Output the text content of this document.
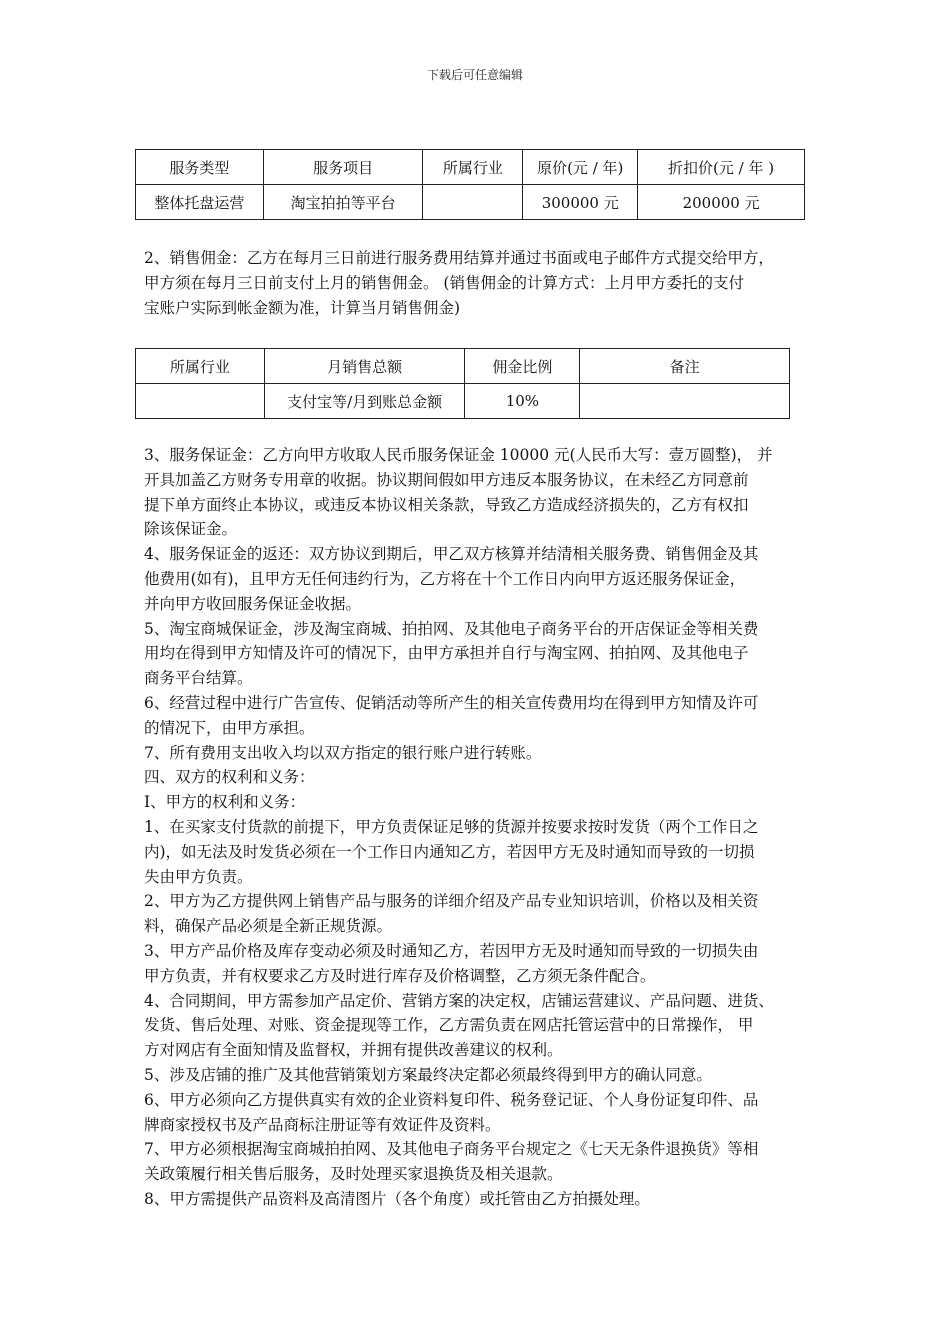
下载后可任意编辑
服务类型	服务项目	所属行业	原价(元 / 年)	折扣价(元 / 年 )
整体托盘运营	淘宝拍拍等平台		300000 元	200000 元
2、销售佣金：乙方在每月三日前进行服务费用结算并通过书面或电子邮件方式提交给甲方，
甲方须在每月三日前支付上月的销售佣金。 (销售佣金的计算方式：上月甲方委托的支付
宝账户实际到帐金额为准，计算当月销售佣金)
所属行业	月销售总额	佣金比例	备注
	支付宝等/月到账总金额	10%	

3、服务保证金：乙方向甲方收取人民币服务保证金 10000 元(人民币大写：壹万圆整)， 并

开具加盖乙方财务专用章的收据。协议期间假如甲方违反本服务协议，在未经乙方同意前

提下单方面终止本协议，或违反本协议相关条款，导致乙方造成经济损失的，乙方有权扣

除该保证金。

4、服务保证金的返还：双方协议到期后，甲乙双方核算并结清相关服务费、销售佣金及其

他费用(如有)，且甲方无任何违约行为，乙方将在十个工作日内向甲方返还服务保证金，

并向甲方收回服务保证金收据。

5、淘宝商城保证金，涉及淘宝商城、拍拍网、及其他电子商务平台的开店保证金等相关费

用均在得到甲方知情及许可的情况下，由甲方承担并自行与淘宝网、拍拍网、及其他电子

商务平台结算。

6、经营过程中进行广告宣传、促销活动等所产生的相关宣传费用均在得到甲方知情及许可

的情况下，由甲方承担。

7、所有费用支出收入均以双方指定的银行账户进行转账。

四、双方的权利和义务：

I、甲方的权利和义务：

1、在买家支付货款的前提下，甲方负责保证足够的货源并按要求按时发货（两个工作日之

内)，如无法及时发货必须在一个工作日内通知乙方，若因甲方无及时通知而导致的一切损

失由甲方负责。

2、甲方为乙方提供网上销售产品与服务的详细介绍及产品专业知识培训，价格以及相关资

料，确保产品必须是全新正规货源。

3、甲方产品价格及库存变动必须及时通知乙方，若因甲方无及时通知而导致的一切损失由

甲方负责，并有权要求乙方及时进行库存及价格调整，乙方须无条件配合。

4、合同期间，甲方需参加产品定价、营销方案的决定权，店铺运营建议、产品问题、进货、

发货、售后处理、对账、资金提现等工作，乙方需负责在网店托管运营中的日常操作， 甲

方对网店有全面知情及监督权，并拥有提供改善建议的权利。

5、涉及店铺的推广及其他营销策划方案最终决定都必须最终得到甲方的确认同意。

6、甲方必须向乙方提供真实有效的企业资料复印件、税务登记证、个人身份证复印件、品

牌商家授权书及产品商标注册证等有效证件及资料。

7、甲方必须根据淘宝商城拍拍网、及其他电子商务平台规定之《七天无条件退换货》等相

关政策履行相关售后服务，及时处理买家退换货及相关退款。

8、甲方需提供产品资料及高清图片（各个角度）或托管由乙方拍摄处理。
